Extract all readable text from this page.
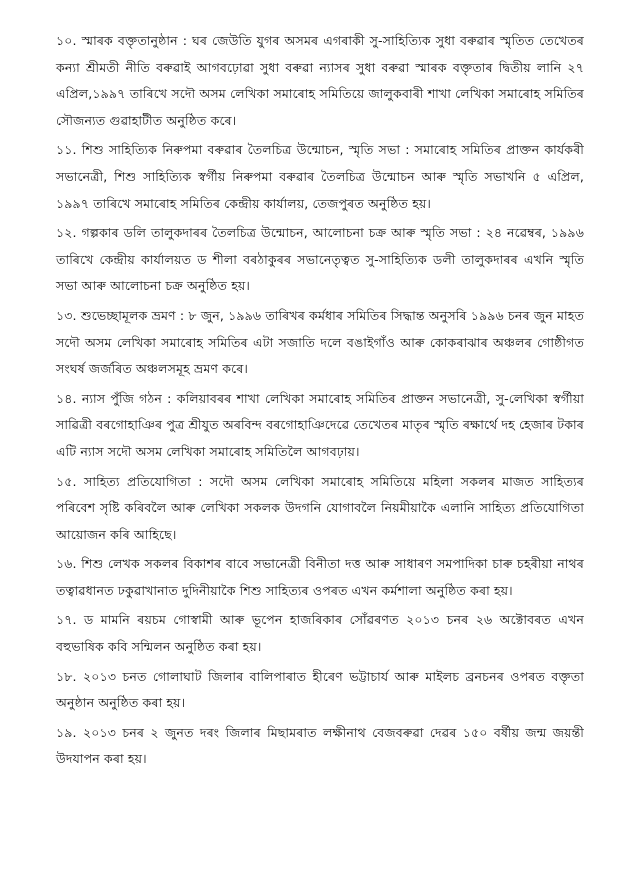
১০. স্মাৰক বক্তৃতানুষ্ঠান : ঘৰ জেউতি যুগৰ অসমৰ এগৰাকী সু-সাহিত্যিক সুধা বৰুৱাৰ স্মৃতিত তেখেতৰ কন্যা শ্ৰীমতী নীতি বৰুৱাই আগবঢ়োৱা সুধা বৰুৱা ন্যাসৰ সুধা বৰুৱা স্মাৰক বক্তৃতাৰ দ্বিতীয় লানি ২৭ এপ্ৰিল,১৯৯৭ তাৰিখে সদৌ অসম লেখিকা সমাৰোহ সমিতিয়ে জালুকবাৰী শাখা লেখিকা সমাৰোহ সমিতিৰ সৌজন্যত গুৱাহাটীত অনুষ্ঠিত কৰে।

১১. শিশু সাহিত্যিক নিৰুপমা বৰুৱাৰ তৈলচিত্ৰ উন্মোচন, স্মৃতি সভা : সমাৰোহ সমিতিৰ প্ৰাক্তন কাৰ্যকৰী সভানেত্ৰী, শিশু সাহিত্যিক স্বৰ্গীয় নিৰুপমা বৰুৱাৰ তৈলচিত্ৰ উন্মোচন আৰু স্মৃতি সভাখনি ৫ এপ্ৰিল, ১৯৯৭ তাৰিখে সমাৰোহ সমিতিৰ কেন্দ্ৰীয় কাৰ্যালয়, তেজপুৰত অনুষ্ঠিত হয়।

১২. গল্পকাৰ ডলি তালুকদাৰৰ তৈলচিত্ৰ উন্মোচন, আলোচনা চক্ৰ আৰু স্মৃতি সভা : ২৪ নৱেম্বৰ, ১৯৯৬ তাৰিখে কেন্দ্ৰীয় কাৰ্যালয়ত ড শীলা বৰঠাকুৰৰ সভানেতৃত্বত সু-সাহিত্যিক ডলী তালুকদাৰৰ এখনি স্মৃতি সভা আৰু আলোচনা চক্ৰ অনুষ্ঠিত হয়।

১৩. শুভেচ্ছামূলক ভ্ৰমণ : ৮ জুন, ১৯৯৬ তাৰিখৰ কৰ্মধাৰ সমিতিৰ সিদ্ধান্ত অনুসৰি ১৯৯৬ চনৰ জুন মাহত সদৌ অসম লেখিকা সমাৰোহ সমিতিৰ এটা সজাতি দলে বঙাইগাঁও আৰু কোকৰাঝাৰ অঞ্চলৰ গোষ্ঠীগত সংঘৰ্ষ জৰ্জৰিত অঞ্চলসমূহ ভ্ৰমণ কৰে।

১৪. ন্যাস পুঁজি গঠন : কলিয়াবৰৰ শাখা লেখিকা সমাৰোহ সমিতিৰ প্ৰাক্তন সভানেত্ৰী, সু-লেখিকা স্বৰ্গীয়া সাৱিত্ৰী বৰগোহাঞিৰ পুত্ৰ শ্ৰীযুত অৰবিন্দ বৰগোহাঞিদেৱে তেখেতৰ মাতৃৰ স্মৃতি ৰক্ষাৰ্থে দহ হেজাৰ টকাৰ এটি ন্যাস সদৌ অসম লেখিকা সমাৰোহ সমিতিলৈ আগবঢ়ায়।

১৫. সাহিত্য প্ৰতিযোগিতা : সদৌ অসম লেখিকা সমাৰোহ সমিতিয়ে মহিলা সকলৰ মাজত সাহিত্যৰ পৰিবেশ সৃষ্টি কৰিবলৈ আৰু লেখিকা সকলক উদগনি যোগাবলৈ নিয়মীয়াকৈ এলানি সাহিত্য প্ৰতিযোগিতা আয়োজন কৰি আহিছে।

১৬. শিশু লেখক সকলৰ বিকাশৰ বাবে সভানেত্ৰী বিনীতা দত্ত আৰু সাধাৰণ সমপাদিকা চাৰু চহৰীয়া নাথৰ তত্বাৱধানত ঢকুৱাখানাত দুদিনীয়াকৈ শিশু সাহিত্যৰ ওপৰত এখন কৰ্মশালা অনুষ্ঠিত কৰা হয়।

১৭. ড মামনি ৰয়চম গোস্বামী আৰু ভূপেন হাজৰিকাৰ সোঁৱৰণত ২০১৩ চনৰ ২৬ অক্টোবৰত এখন বহুভাষিক কবি সন্মিলন অনুষ্ঠিত কৰা হয়।

১৮. ২০১৩ চনত গোলাঘাট জিলাৰ বালিপাৰাত হীৰেণ ভট্টাচাৰ্য আৰু মাইলচ ব্ৰনচনৰ ওপৰত বক্তৃতা অনুষ্ঠান অনুষ্ঠিত কৰা হয়।

১৯. ২০১৩ চনৰ ২ জুনত দৰং জিলাৰ মিছামৰাত লক্ষীনাথ বেজবৰুৱা দেৱৰ ১৫০ বৰ্ষীয় জন্ম জয়ন্তী উদযাপন কৰা হয়।
